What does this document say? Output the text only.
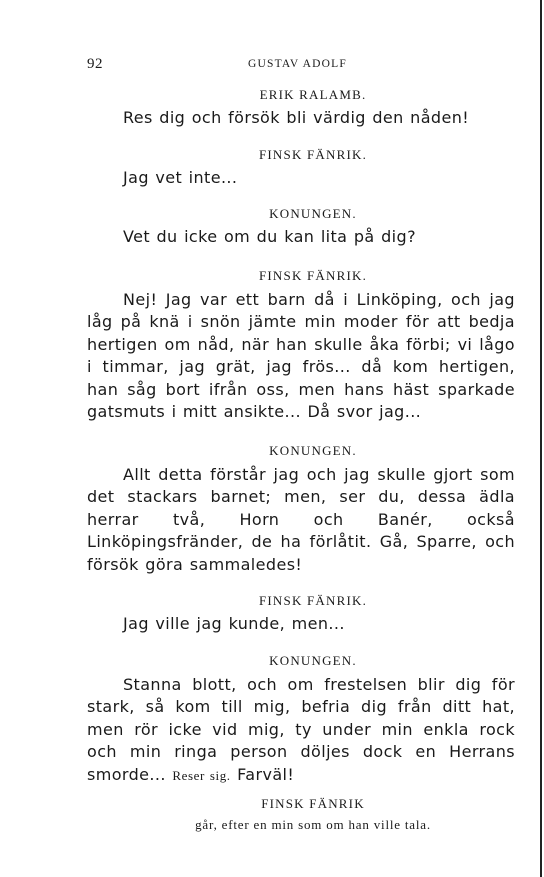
92	GUSTAV ADOLF
ERIK RALAMB.
Res dig och försök bli värdig den nåden!
FINSK FÄNRIK.
Jag vet inte...
KONUNGEN.
Vet du icke om du kan lita på dig?
FINSK FÄNRIK.
Nej! Jag var ett barn då i Linköping, och jag låg på knä i snön jämte min moder för att bedja hertigen om nåd, när han skulle åka förbi; vi lågo i timmar, jag grät, jag frös... då kom hertigen, han såg bort ifrån oss, men hans häst sparkade gatsmuts i mitt ansikte... Då svor jag...
KONUNGEN.
Allt detta förstår jag och jag skulle gjort som det stackars barnet; men, ser du, dessa ädla herrar två, Horn och Banér, också Linköpingsfränder, de ha förlåtit. Gå, Sparre, och försök göra sammaledes!
FINSK FÄNRIK.
Jag ville jag kunde, men...
KONUNGEN.
Stanna blott, och om frestelsen blir dig för stark, så kom till mig, befria dig från ditt hat, men rör icke vid mig, ty under min enkla rock och min ringa person döljes dock en Herrans smorde... Reser sig. Farväl!
FINSK FÄNRIK
går, efter en min som om han ville tala.
